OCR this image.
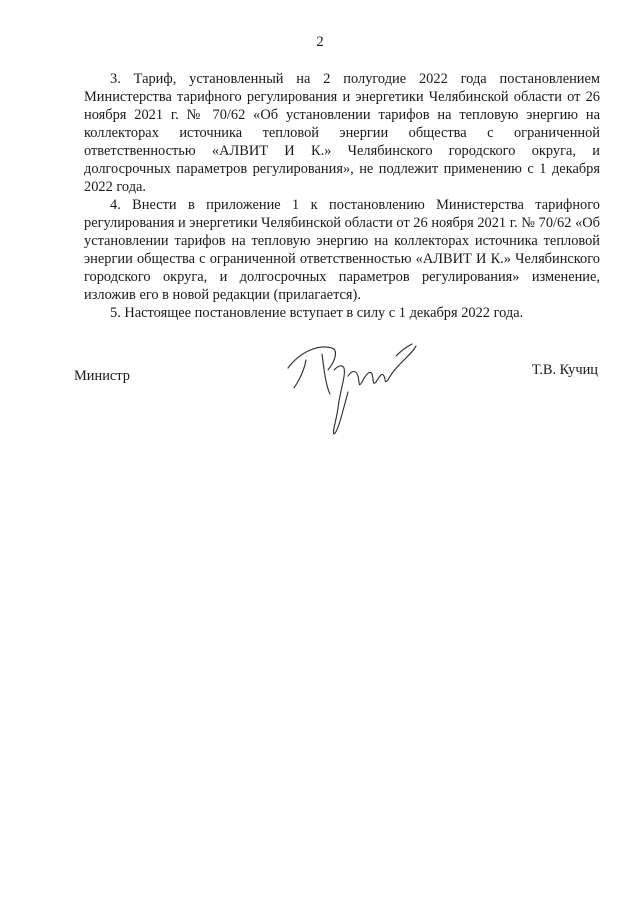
2

3. Тариф, установленный на 2 полугодие 2022 года постановлением Министерства тарифного регулирования и энергетики Челябинской области от 26 ноября 2021 г. № 70/62 «Об установлении тарифов на тепловую энергию на коллекторах источника тепловой энергии общества с ограниченной ответственностью «АЛВИТ И К.» Челябинского городского округа, и долгосрочных параметров регулирования», не подлежит применению с 1 декабря 2022 года.

4. Внести в приложение 1 к постановлению Министерства тарифного регулирования и энергетики Челябинской области от 26 ноября 2021 г. № 70/62 «Об установлении тарифов на тепловую энергию на коллекторах источника тепловой энергии общества с ограниченной ответственностью «АЛВИТ И К.» Челябинского городского округа, и долгосрочных параметров регулирования» изменение, изложив его в новой редакции (прилагается).

5. Настоящее постановление вступает в силу с 1 декабря 2022 года.

Министр	Т.В. Кучиц
